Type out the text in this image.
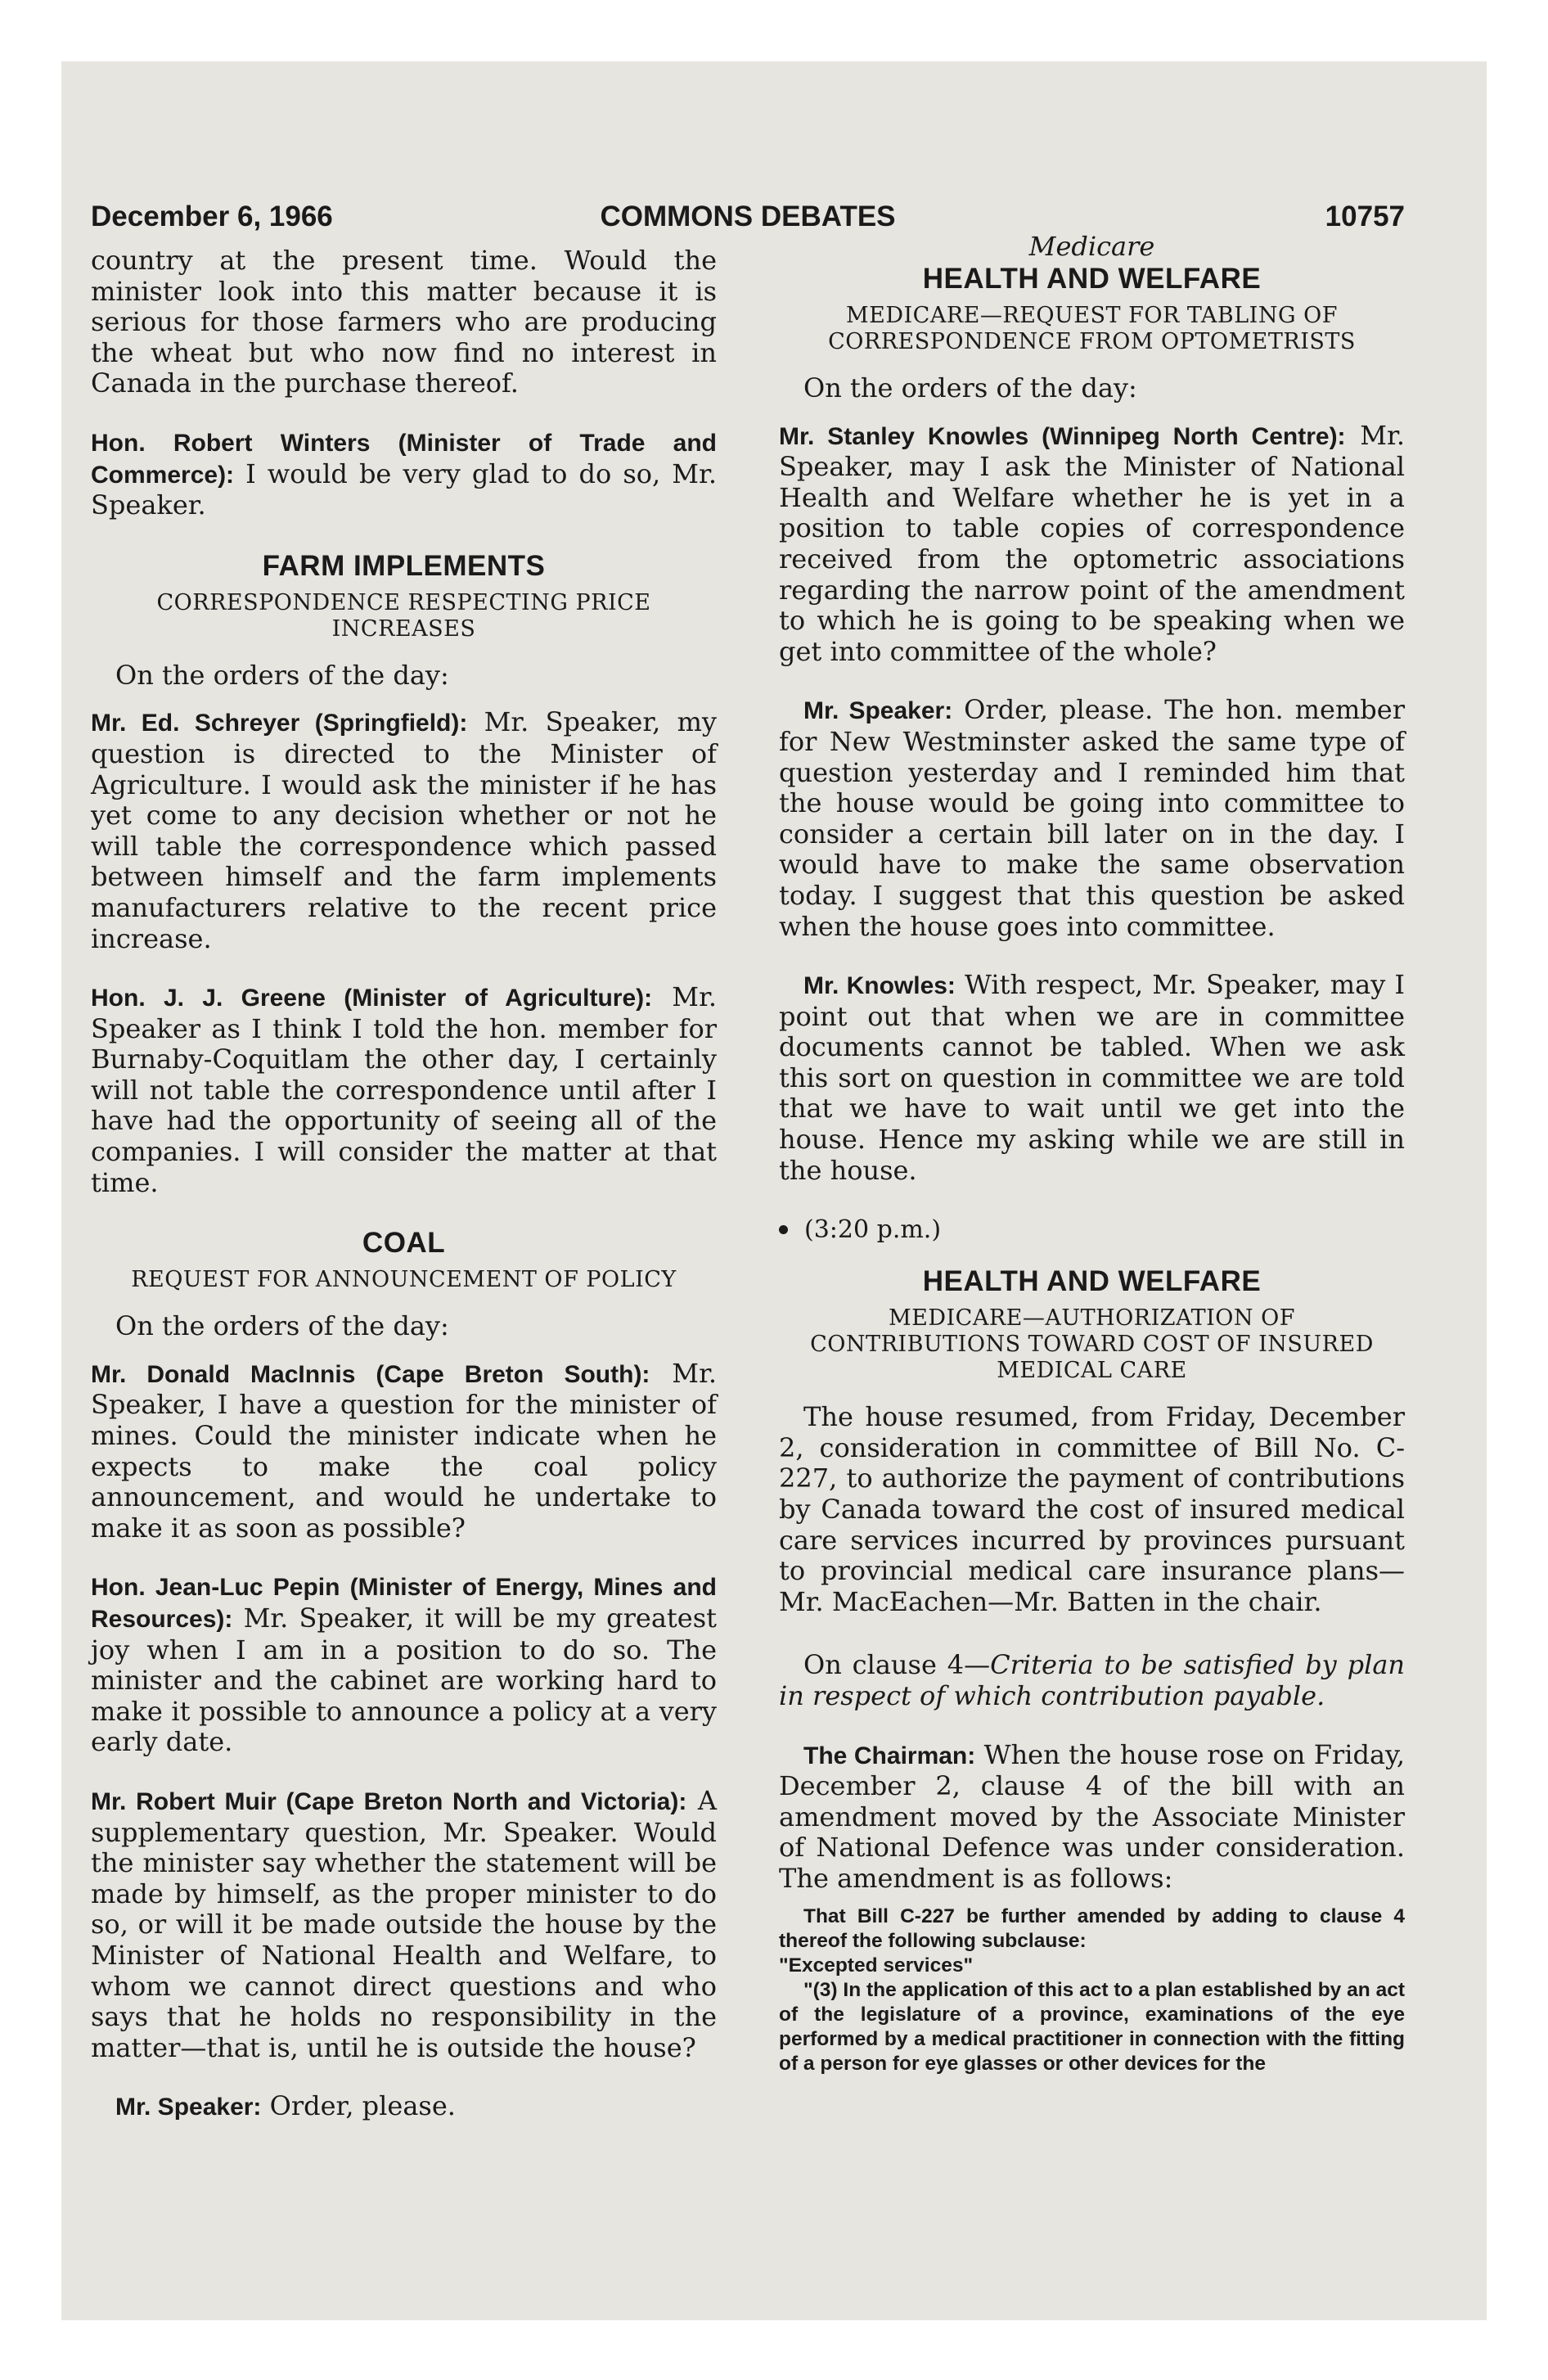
December 6, 1966	COMMONS DEBATES	10757

country at the present time. Would the minister look into this matter because it is serious for those farmers who are producing the wheat but who now find no interest in Canada in the purchase thereof.

Hon. Robert Winters (Minister of Trade and Commerce): I would be very glad to do so, Mr. Speaker.

FARM IMPLEMENTS
CORRESPONDENCE RESPECTING PRICE INCREASES

On the orders of the day:

Mr. Ed. Schreyer (Springfield): Mr. Speaker, my question is directed to the Minister of Agriculture. I would ask the minister if he has yet come to any decision whether or not he will table the correspondence which passed between himself and the farm implements manufacturers relative to the recent price increase.

Hon. J. J. Greene (Minister of Agriculture): Mr. Speaker as I think I told the hon. member for Burnaby-Coquitlam the other day, I certainly will not table the correspondence until after I have had the opportunity of seeing all of the companies. I will consider the matter at that time.

COAL
REQUEST FOR ANNOUNCEMENT OF POLICY

On the orders of the day:

Mr. Donald MacInnis (Cape Breton South): Mr. Speaker, I have a question for the minister of mines. Could the minister indicate when he expects to make the coal policy announcement, and would he undertake to make it as soon as possible?

Hon. Jean-Luc Pepin (Minister of Energy, Mines and Resources): Mr. Speaker, it will be my greatest joy when I am in a position to do so. The minister and the cabinet are working hard to make it possible to announce a policy at a very early date.

Mr. Robert Muir (Cape Breton North and Victoria): A supplementary question, Mr. Speaker. Would the minister say whether the statement will be made by himself, as the proper minister to do so, or will it be made outside the house by the Minister of National Health and Welfare, to whom we cannot direct questions and who says that he holds no responsibility in the matter—that is, until he is outside the house?

Mr. Speaker: Order, please.

Medicare
HEALTH AND WELFARE
MEDICARE—REQUEST FOR TABLING OF CORRESPONDENCE FROM OPTOMETRISTS

On the orders of the day:

Mr. Stanley Knowles (Winnipeg North Centre): Mr. Speaker, may I ask the Minister of National Health and Welfare whether he is yet in a position to table copies of correspondence received from the optometric associations regarding the narrow point of the amendment to which he is going to be speaking when we get into committee of the whole?

Mr. Speaker: Order, please. The hon. member for New Westminster asked the same type of question yesterday and I reminded him that the house would be going into committee to consider a certain bill later on in the day. I would have to make the same observation today. I suggest that this question be asked when the house goes into committee.

Mr. Knowles: With respect, Mr. Speaker, may I point out that when we are in committee documents cannot be tabled. When we ask this sort on question in committee we are told that we have to wait until we get into the house. Hence my asking while we are still in the house.

(3:20 p.m.)

HEALTH AND WELFARE
MEDICARE—AUTHORIZATION OF CONTRIBUTIONS TOWARD COST OF INSURED MEDICAL CARE

The house resumed, from Friday, December 2, consideration in committee of Bill No. C-227, to authorize the payment of contributions by Canada toward the cost of insured medical care services incurred by provinces pursuant to provincial medical care insurance plans—Mr. MacEachen—Mr. Batten in the chair.

On clause 4—Criteria to be satisfied by plan in respect of which contribution payable.

The Chairman: When the house rose on Friday, December 2, clause 4 of the bill with an amendment moved by the Associate Minister of National Defence was under consideration. The amendment is as follows:

That Bill C-227 be further amended by adding to clause 4 thereof the following subclause:

"Excepted services"

"(3) In the application of this act to a plan established by an act of the legislature of a province, examinations of the eye performed by a medical practitioner in connection with the fitting of a person for eye glasses or other devices for the
